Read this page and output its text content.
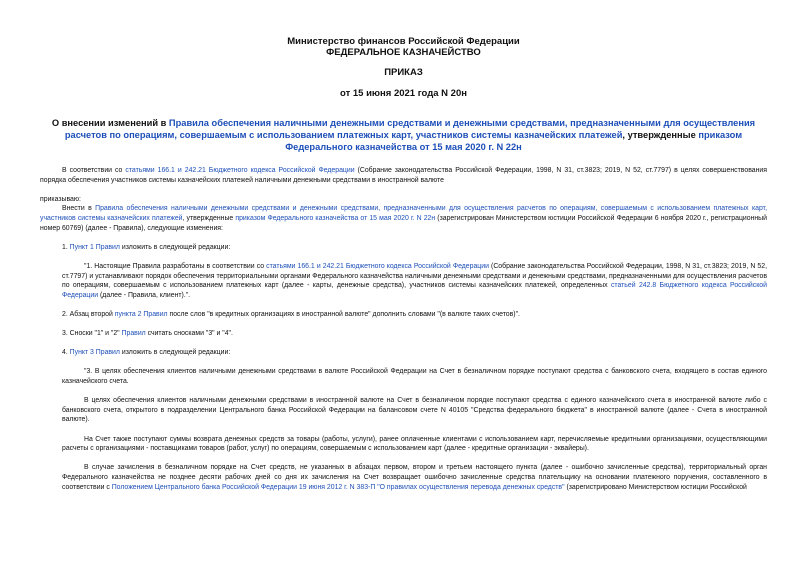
Министерство финансов Российской Федерации
ФЕДЕРАЛЬНОЕ КАЗНАЧЕЙСТВО
ПРИКАЗ
от 15 июня 2021 года N 20н
О внесении изменений в Правила обеспечения наличными денежными средствами и денежными средствами, предназначенными для осуществления расчетов по операциям, совершаемым с использованием платежных карт, участников системы казначейских платежей, утвержденные приказом Федерального казначейства от 15 мая 2020 г. N 22н

В соответствии со статьями 166.1 и 242.21 Бюджетного кодекса Российской Федерации (Собрание законодательства Российской Федерации, 1998, N 31, ст.3823; 2019, N 52, ст.7797) в целях совершенствования порядка обеспечения участников системы казначейских платежей наличными денежными средствами в иностранной валюте

приказываю:

Внести в Правила обеспечения наличными денежными средствами и денежными средствами, предназначенными для осуществления расчетов по операциям, совершаемым с использованием платежных карт, участников системы казначейских платежей, утвержденные приказом Федерального казначейства от 15 мая 2020 г. N 22н (зарегистрирован Министерством юстиции Российской Федерации 6 ноября 2020 г., регистрационный номер 60769) (далее - Правила), следующие изменения:

1. Пункт 1 Правил изложить в следующей редакции:

"1. Настоящие Правила разработаны в соответствии со статьями 166.1 и 242.21 Бюджетного кодекса Российской Федерации (Собрание законодательства Российской Федерации, 1998, N 31, ст.3823; 2019, N 52, ст.7797) и устанавливают порядок обеспечения территориальными органами Федерального казначейства наличными денежными средствами и денежными средствами, предназначенными для осуществления расчетов по операциям, совершаемым с использованием платежных карт (далее - карты, денежные средства), участников системы казначейских платежей, определенных статьей 242.8 Бюджетного кодекса Российской Федерации (далее - Правила, клиент).".

2. Абзац второй пункта 2 Правил после слов "в кредитных организациях в иностранной валюте" дополнить словами "(в валюте таких счетов)".

3. Сноски "1" и "2" Правил считать сносками "3" и "4".

4. Пункт 3 Правил изложить в следующей редакции:

"3. В целях обеспечения клиентов наличными денежными средствами в валюте Российской Федерации на Счет в безналичном порядке поступают средства с банковского счета, входящего в состав единого казначейского счета.

В целях обеспечения клиентов наличными денежными средствами в иностранной валюте на Счет в безналичном порядке поступают средства с единого казначейского счета в иностранной валюте либо с банковского счета, открытого в подразделении Центрального банка Российской Федерации на балансовом счете N 40105 "Средства федерального бюджета" в иностранной валюте (далее - Счета в иностранной валюте).

На Счет также поступают суммы возврата денежных средств за товары (работы, услуги), ранее оплаченные клиентами с использованием карт, перечисляемые кредитными организациями, осуществляющими расчеты с организациями - поставщиками товаров (работ, услуг) по операциям, совершаемым с использованием карт (далее - кредитные организации - эквайеры).

В случае зачисления в безналичном порядке на Счет средств, не указанных в абзацах первом, втором и третьем настоящего пункта (далее - ошибочно зачисленные средства), территориальный орган Федерального казначейства не позднее десяти рабочих дней со дня их зачисления на Счет возвращает ошибочно зачисленные средства плательщику на основании платежного поручения, составленного в соответствии с Положением Центрального банка Российской Федерации 19 июня 2012 г. N 383-П "О правилах осуществления перевода денежных средств" (зарегистрировано Министерством юстиции Российской
